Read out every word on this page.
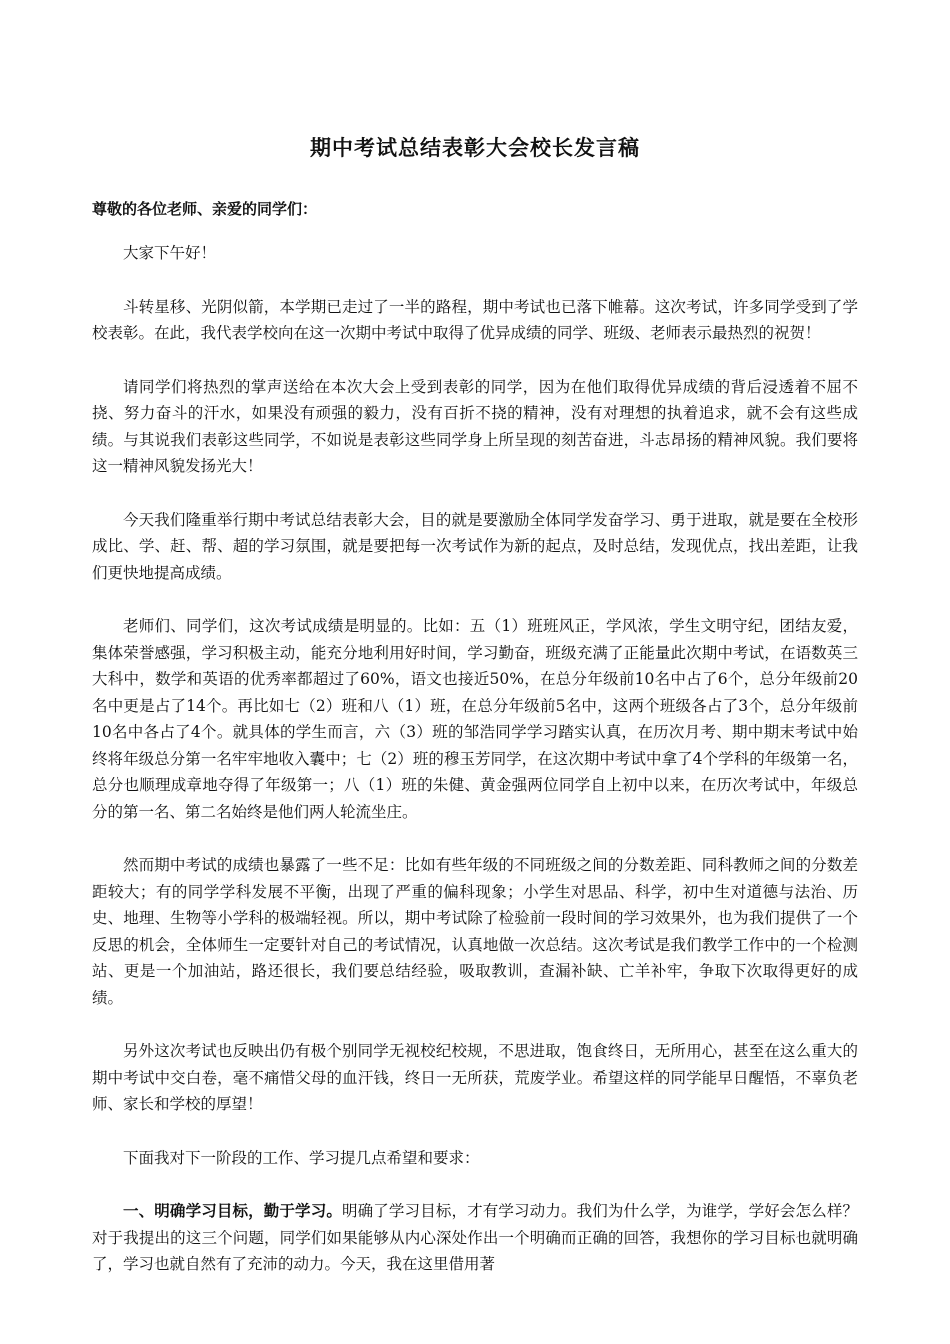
期中考试总结表彰大会校长发言稿
尊敬的各位老师、亲爱的同学们：

大家下午好！

斗转星移、光阴似箭，本学期已走过了一半的路程，期中考试也已落下帷幕。这次考试，许多同学受到了学校表彰。在此，我代表学校向在这一次期中考试中取得了优异成绩的同学、班级、老师表示最热烈的祝贺！

请同学们将热烈的掌声送给在本次大会上受到表彰的同学，因为在他们取得优异成绩的背后浸透着不屈不挠、努力奋斗的汗水，如果没有顽强的毅力，没有百折不挠的精神，没有对理想的执着追求，就不会有这些成绩。与其说我们表彰这些同学，不如说是表彰这些同学身上所呈现的刻苦奋进，斗志昂扬的精神风貌。我们要将这一精神风貌发扬光大！

今天我们隆重举行期中考试总结表彰大会，目的就是要激励全体同学发奋学习、勇于进取，就是要在全校形成比、学、赶、帮、超的学习氛围，就是要把每一次考试作为新的起点，及时总结，发现优点，找出差距，让我们更快地提高成绩。

老师们、同学们，这次考试成绩是明显的。比如：五（1）班班风正，学风浓，学生文明守纪，团结友爱，集体荣誉感强，学习积极主动，能充分地利用好时间，学习勤奋，班级充满了正能量此次期中考试，在语数英三大科中，数学和英语的优秀率都超过了60%，语文也接近50%，在总分年级前10名中占了6个，总分年级前20名中更是占了14个。再比如七（2）班和八（1）班，在总分年级前5名中，这两个班级各占了3个，总分年级前10名中各占了4个。就具体的学生而言，六（3）班的邹浩同学学习踏实认真，在历次月考、期中期末考试中始终将年级总分第一名牢牢地收入囊中；七（2）班的穆玉芳同学，在这次期中考试中拿了4个学科的年级第一名，总分也顺理成章地夺得了年级第一；八（1）班的朱健、黄金强两位同学自上初中以来，在历次考试中，年级总分的第一名、第二名始终是他们两人轮流坐庄。

然而期中考试的成绩也暴露了一些不足：比如有些年级的不同班级之间的分数差距、同科教师之间的分数差距较大；有的同学学科发展不平衡，出现了严重的偏科现象；小学生对思品、科学，初中生对道德与法治、历史、地理、生物等小学科的极端轻视。所以，期中考试除了检验前一段时间的学习效果外，也为我们提供了一个反思的机会，全体师生一定要针对自己的考试情况，认真地做一次总结。这次考试是我们教学工作中的一个检测站、更是一个加油站，路还很长，我们要总结经验，吸取教训，查漏补缺、亡羊补牢，争取下次取得更好的成绩。

另外这次考试也反映出仍有极个别同学无视校纪校规，不思进取，饱食终日，无所用心，甚至在这么重大的期中考试中交白卷，毫不痛惜父母的血汗钱，终日一无所获，荒废学业。希望这样的同学能早日醒悟，不辜负老师、家长和学校的厚望！

下面我对下一阶段的工作、学习提几点希望和要求：

一、明确学习目标，勤于学习。明确了学习目标，才有学习动力。我们为什么学，为谁学，学好会怎么样？对于我提出的这三个问题，同学们如果能够从内心深处作出一个明确而正确的回答，我想你的学习目标也就明确了，学习也就自然有了充沛的动力。今天，我在这里借用著
